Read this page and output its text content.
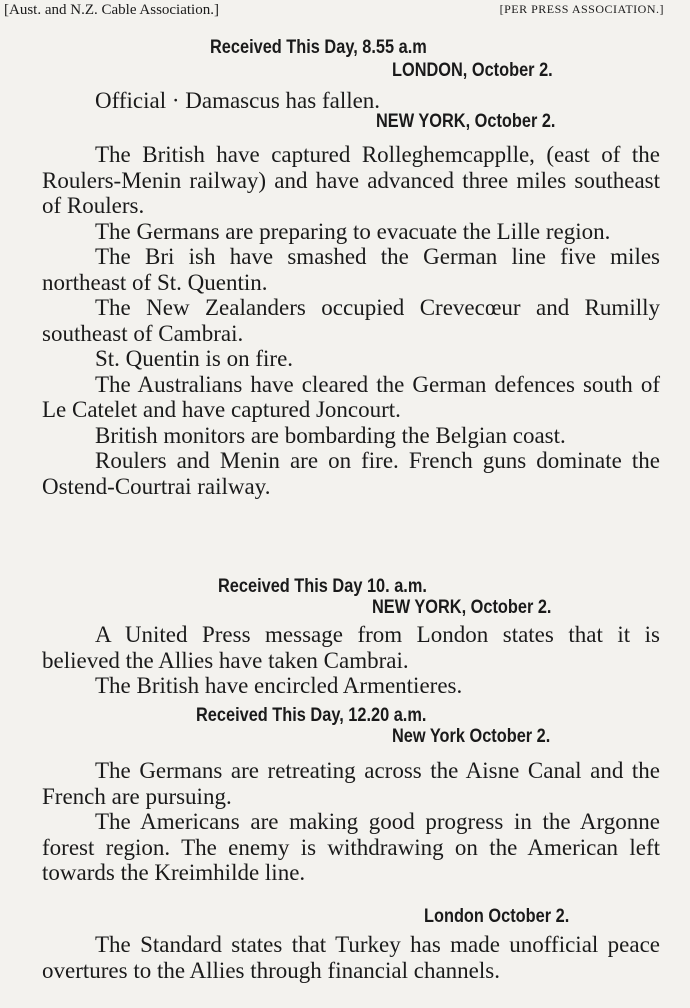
[Aust. and N.Z. Cable Association.]	[PER PRESS ASSOCIATION.]
Received This Day, 8.55 a.m
LONDON, October 2.

Official · Damascus has fallen.

NEW YORK, October 2.

The British have captured Rolleghemcapplle, (east of the Roulers-Menin railway) and have advanced three miles southeast of Roulers.

The Germans are preparing to evacuate the Lille region.

The Bri ish have smashed the German line five miles northeast of St. Quentin.

The New Zealanders occupied Crevecœur and Rumilly southeast of Cambrai.

St. Quentin is on fire.

The Australians have cleared the German defences south of Le Catelet and have captured Joncourt.

British monitors are bombarding the Belgian coast.

Roulers and Menin are on fire. French guns dominate the Ostend-Courtrai railway.

Received This Day 10. a.m.
NEW YORK, October 2.

A United Press message from London states that it is believed the Allies have taken Cambrai.

The British have encircled Armentieres.

Received This Day, 12.20 a.m.
New York October 2.

The Germans are retreating across the Aisne Canal and the French are pursuing.

The Americans are making good progress in the Argonne forest region. The enemy is withdrawing on the American left towards the Kreimhilde line.

London October 2.

The Standard states that Turkey has made unofficial peace overtures to the Allies through financial channels.
